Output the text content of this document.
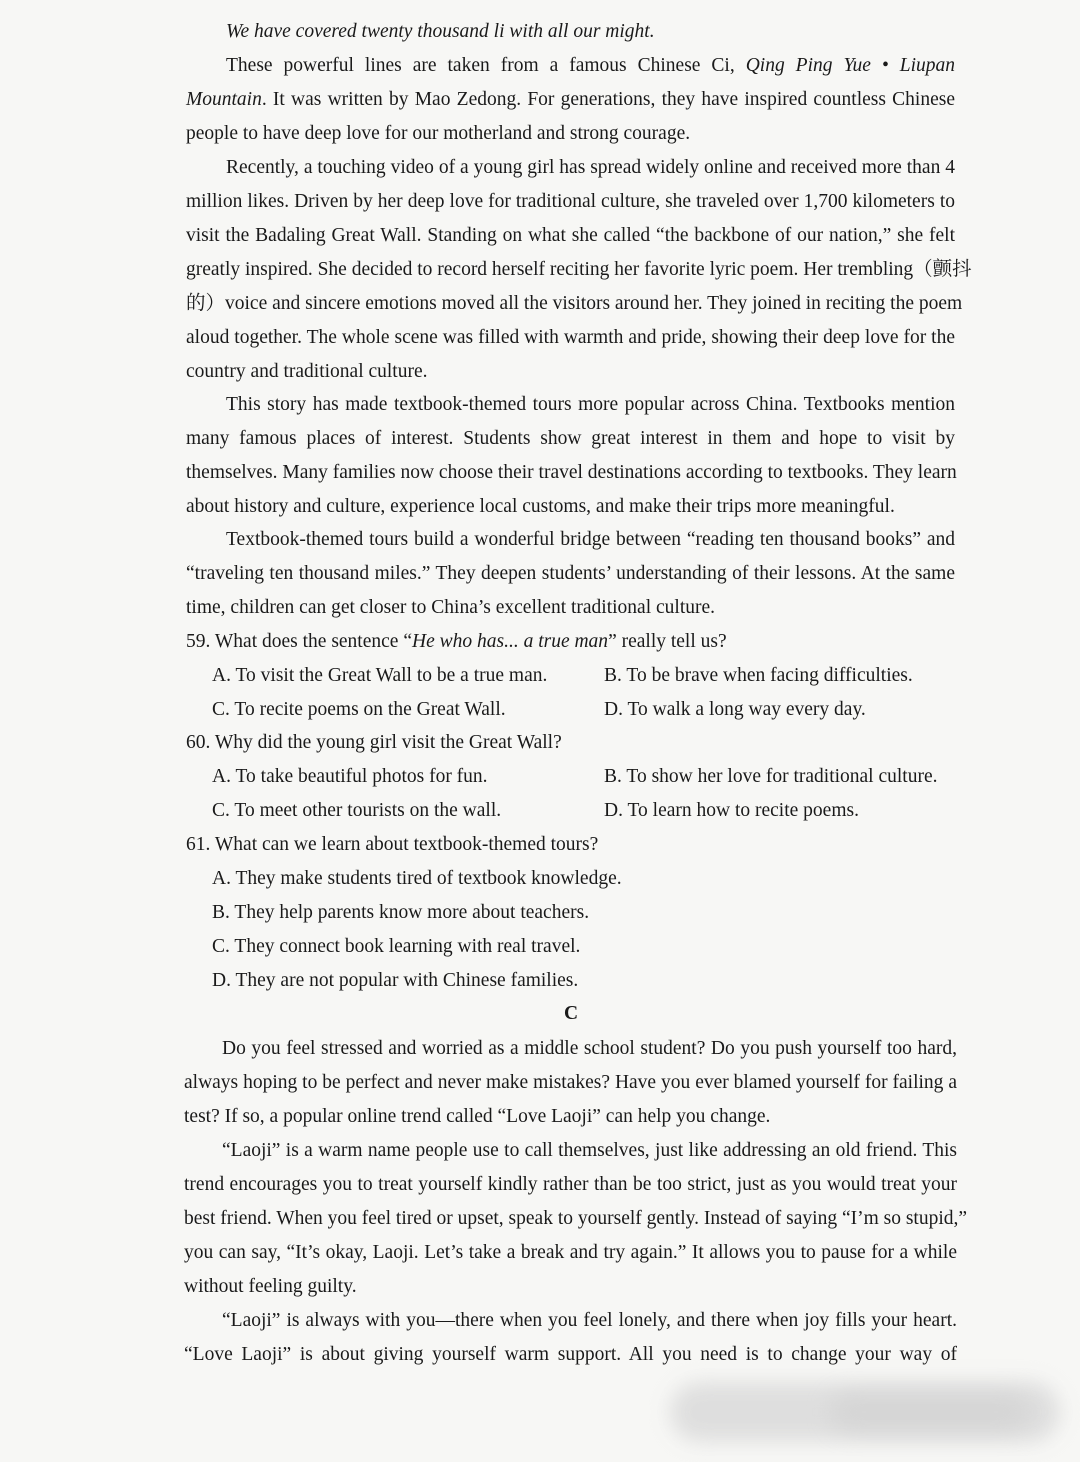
We have covered twenty thousand li with all our might.
These powerful lines are taken from a famous Chinese Ci, Qing Ping Yue • Liupan
Mountain. It was written by Mao Zedong. For generations, they have inspired countless Chinese
people to have deep love for our motherland and strong courage.
Recently, a touching video of a young girl has spread widely online and received more than 4
million likes. Driven by her deep love for traditional culture, she traveled over 1,700 kilometers to
visit the Badaling Great Wall. Standing on what she called “the backbone of our nation,” she felt
greatly inspired. She decided to record herself reciting her favorite lyric poem. Her trembling（颤抖
的）voice and sincere emotions moved all the visitors around her. They joined in reciting the poem
aloud together. The whole scene was filled with warmth and pride, showing their deep love for the
country and traditional culture.
This story has made textbook-themed tours more popular across China. Textbooks mention
many famous places of interest. Students show great interest in them and hope to visit by
themselves. Many families now choose their travel destinations according to textbooks. They learn
about history and culture, experience local customs, and make their trips more meaningful.
Textbook-themed tours build a wonderful bridge between “reading ten thousand books” and
“traveling ten thousand miles.” They deepen students’ understanding of their lessons. At the same
time, children can get closer to China’s excellent traditional culture.
59. What does the sentence “He who has... a true man” really tell us?
A. To visit the Great Wall to be a true man.	B. To be brave when facing difficulties.
C. To recite poems on the Great Wall.	D. To walk a long way every day.
60. Why did the young girl visit the Great Wall?
A. To take beautiful photos for fun.	B. To show her love for traditional culture.
C. To meet other tourists on the wall.	D. To learn how to recite poems.
61. What can we learn about textbook-themed tours?
A. They make students tired of textbook knowledge.
B. They help parents know more about teachers.
C. They connect book learning with real travel.
D. They are not popular with Chinese families.
C
Do you feel stressed and worried as a middle school student? Do you push yourself too hard,
always hoping to be perfect and never make mistakes? Have you ever blamed yourself for failing a
test? If so, a popular online trend called “Love Laoji” can help you change.
“Laoji” is a warm name people use to call themselves, just like addressing an old friend. This
trend encourages you to treat yourself kindly rather than be too strict, just as you would treat your
best friend. When you feel tired or upset, speak to yourself gently. Instead of saying “I’m so stupid,”
you can say, “It’s okay, Laoji. Let’s take a break and try again.” It allows you to pause for a while
without feeling guilty.
“Laoji” is always with you—there when you feel lonely, and there when joy fills your heart.
“Love Laoji” is about giving yourself warm support. All you need is to change your way of
